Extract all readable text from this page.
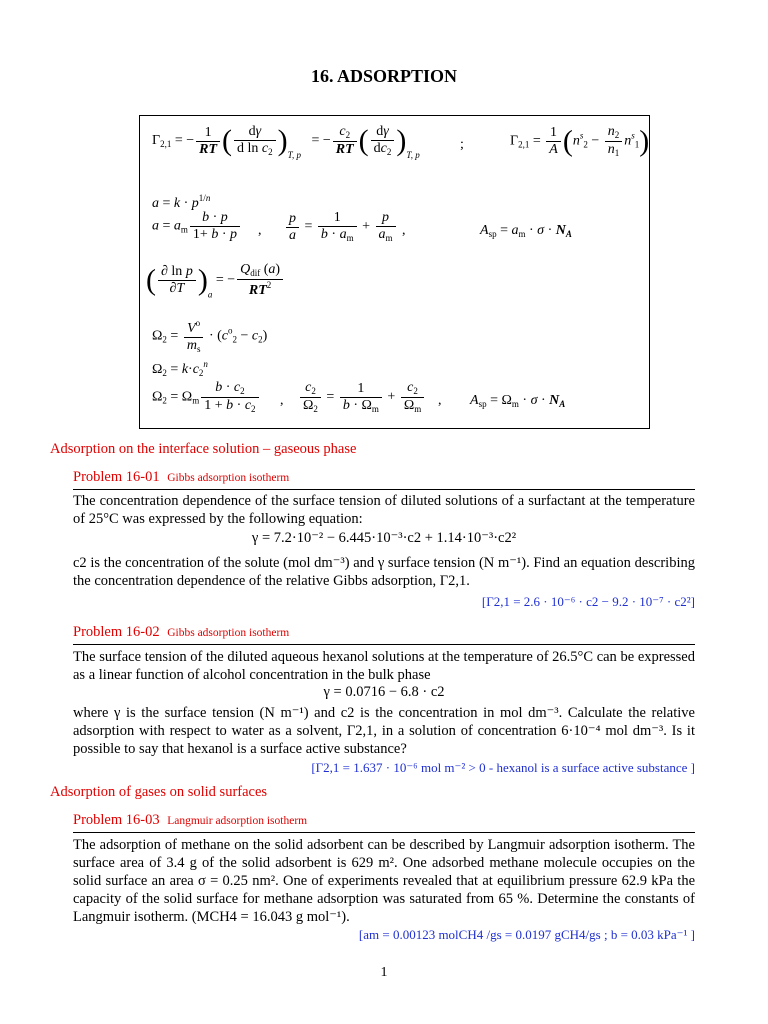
16. ADSORPTION
$\Gamma_{2,1}$ = − $\frac{1}{RT}$ ( $\frac{d\gamma}{d \ln c_2} )_{T, p}$   = − $\frac{c_2}{RT}$ ( $\frac{d\gamma}{dc_2} )_{T, p}$
;	$\Gamma_{2,1} = \frac{1}{A} (n^s_2 - \frac{n_2}{n_1} n^s_1)$
$a = k \cdot p^{1/n}$
$a = a_m \frac{b \cdot p}{1+ b \cdot p}$ , $\frac{p}{a} = \frac{1}{b \cdot a_m} + \frac{p}{a_m}$ ,	$A_{sp} = a_m \cdot \sigma \cdot N_A$
( $\frac{\text{∂ ln p}}{\partial T} )_a$ = − $\frac{Q_{dif} (a)}{RT^2}$
$\Omega_2 = \frac{V^o}{m_s} \cdot (c^o_2 - c_2)$
$\Omega_2 = k\cdot c_2^n$
$\Omega_2 = \Omega_m \frac{b \cdot c_2}{1 + b \cdot c_2}$ , $\frac{c_2}{\Omega_2} = \frac{1}{b \cdot \Omega_m} + \frac{c_2}{\Omega_m}$ , $A_{sp} = \Omega_m \cdot \sigma \cdot N_A$
Adsorption on the interface solution – gaseous phase
Problem 16-01 Gibbs adsorption isotherm
The concentration dependence of the surface tension of diluted solutions of a surfactant at the temperature of 25°C was expressed by the following equation:
γ = 7.2·10⁻² − 6.445·10⁻³·c2 + 1.14·10⁻³·c2²
c2 is the concentration of the solute (mol dm⁻³) and γ surface tension (N m⁻¹). Find an equation describing the concentration dependence of the relative Gibbs adsorption, Γ2,1.
[Γ2,1 = 2.6 · 10⁻⁶ · c2 − 9.2 · 10⁻⁷ · c2²]
Problem 16-02 Gibbs adsorption isotherm
The surface tension of the diluted aqueous hexanol solutions at the temperature of 26.5°C can be expressed as a linear function of alcohol concentration in the bulk phase
γ = 0.0716 − 6.8 · c2
where γ is the surface tension (N m⁻¹) and c2 is the concentration in mol dm⁻³. Calculate the relative adsorption with respect to water as a solvent, Γ2,1, in a solution of concentration 6·10⁻⁴ mol dm⁻³. Is it possible to say that hexanol is a surface active substance?
[Γ2,1 = 1.637 · 10⁻⁶ mol m⁻² > 0 - hexanol is a surface active substance ]
Adsorption of gases on solid surfaces
Problem 16-03 Langmuir adsorption isotherm
The adsorption of methane on the solid adsorbent can be described by Langmuir adsorption isotherm. The surface area of 3.4 g of the solid adsorbent is 629 m². One adsorbed methane molecule occupies on the solid surface an area σ = 0.25 nm². One of experiments revealed that at equilibrium pressure 62.9 kPa the capacity of the solid surface for methane adsorption was saturated from 65 %. Determine the constants of Langmuir isotherm. (MCH4 = 16.043 g mol⁻¹).
[am = 0.00123 molCH4 /gs = 0.0197 gCH4/gs ; b = 0.03 kPa⁻¹ ]
1
